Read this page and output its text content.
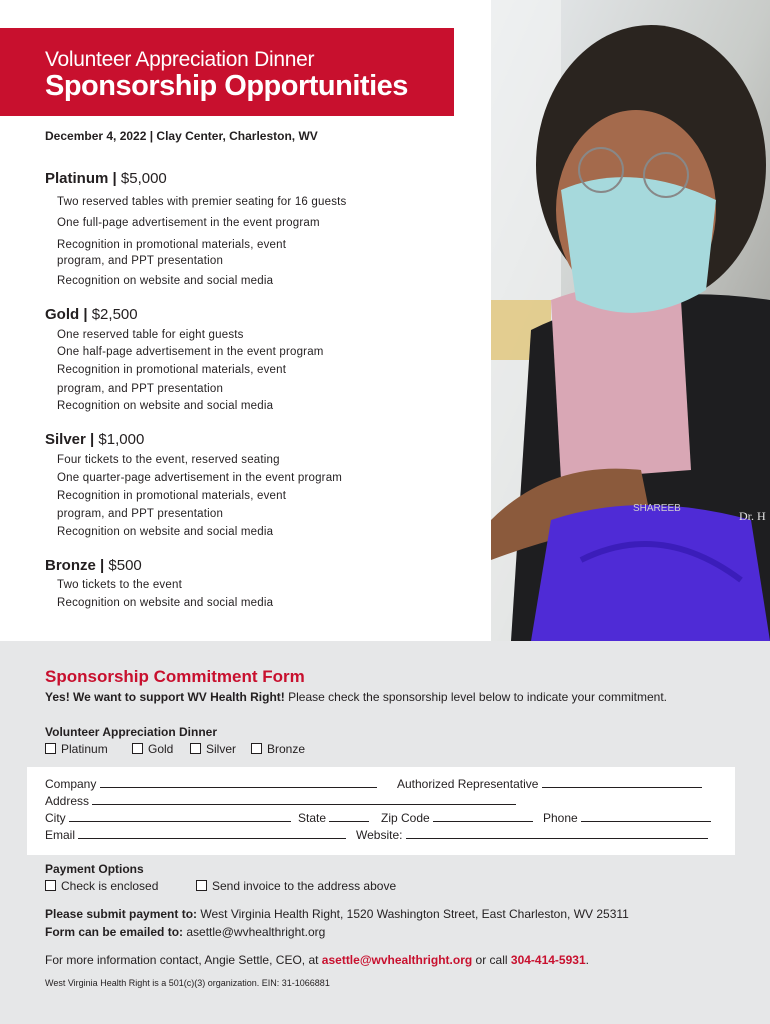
Volunteer Appreciation Dinner
Sponsorship Opportunities
December 4, 2022 | Clay Center, Charleston, WV
Dr. H
SHAREEB
Platinum | $5,000
Two reserved tables with premier seating for 16 guests
One full-page advertisement in the event program
Recognition in promotional materials, event
program, and PPT presentation
Recognition on website and social media
Gold | $2,500
One reserved table for eight guests
One half-page advertisement in the event program
Recognition in promotional materials, event
program, and PPT presentation
Recognition on website and social media
Silver | $1,000
Four tickets to the event, reserved seating
One quarter-page advertisement in the event program
Recognition in promotional materials, event
program, and PPT presentation
Recognition on website and social media
Bronze | $500
Two tickets to the event
Recognition on website and social media
Sponsorship Commitment Form
Yes! We want to support WV Health Right! Please check the sponsorship level below to indicate your commitment.
Volunteer Appreciation Dinner
Platinum	Gold	Silver	Bronze
Company	Authorized Representative
Address
City	State	Zip Code	Phone
Email	Website:
Payment Options
Check is enclosed	Send invoice to the address above
Please submit payment to: West Virginia Health Right, 1520 Washington Street, East Charleston, WV 25311
Form can be emailed to: asettle@wvhealthright.org
For more information contact, Angie Settle, CEO, at asettle@wvhealthright.org or call 304-414-5931.
West Virginia Health Right is a 501(c)(3) organization. EIN: 31-1066881
